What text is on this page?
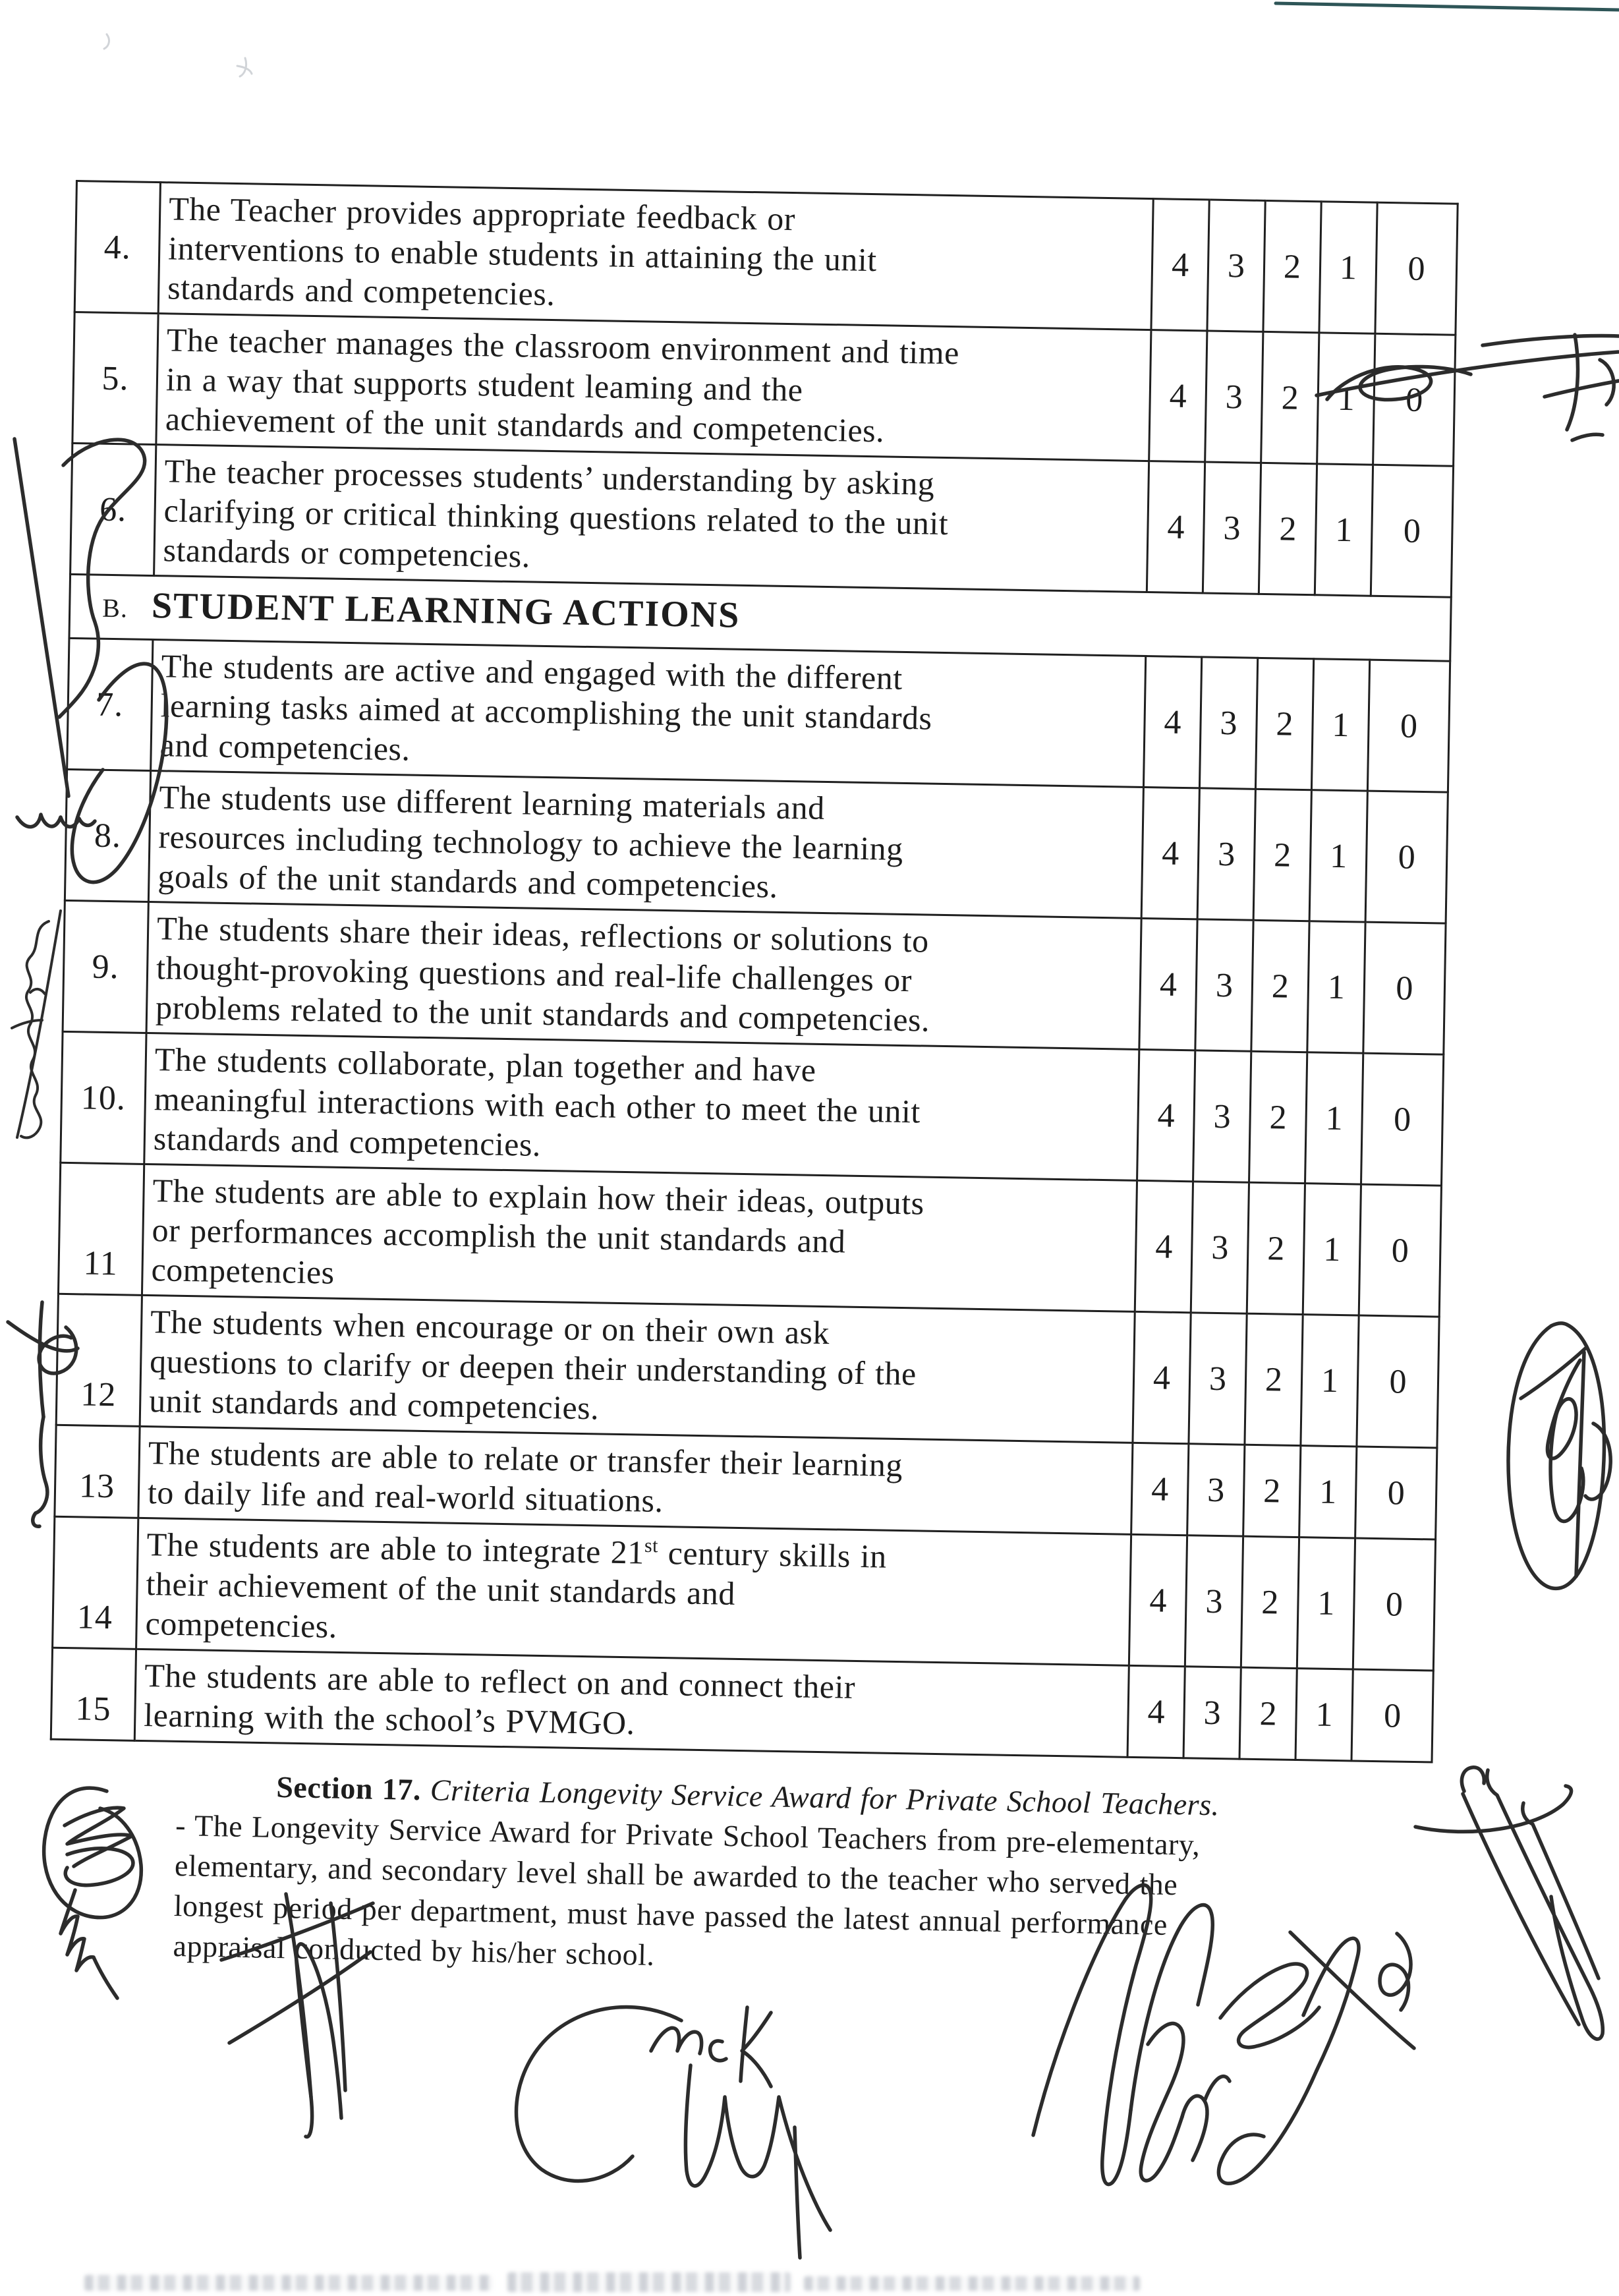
4.	The Teacher provides appropriate feedback or
interventions to enable students in attaining the unit
standards and competencies.	4	3	2	1	0
5.	The teacher manages the classroom environment and time
in a way that supports student leaming and the
achievement of the unit standards and competencies.	4	3	2	1	0
6.	The teacher processes students’ understanding by asking
clarifying or critical thinking questions related to the unit
standards or competencies.	4	3	2	1	0
B. STUDENT LEARNING ACTIONS						
7.	The students are active and engaged with the different
learning tasks aimed at accomplishing the unit standards
and competencies.	4	3	2	1	0
8.	The students use different learning materials and
resources including technology to achieve the learning
goals of the unit standards and competencies.	4	3	2	1	0
9.	The students share their ideas, reflections or solutions to
thought-provoking questions and real-life challenges or
problems related to the unit standards and competencies.	4	3	2	1	0
10.	The students collaborate, plan together and have
meaningful interactions with each other to meet the unit
standards and competencies.	4	3	2	1	0
11	The students are able to explain how their ideas, outputs
or performances accomplish the unit standards and
competencies	4	3	2	1	0
12	The students when encourage or on their own ask
questions to clarify or deepen their understanding of the
unit standards and competencies.	4	3	2	1	0
13	The students are able to relate or transfer their learning
to daily life and real-world situations.	4	3	2	1	0
14	The students are able to integrate 21st century skills in
their achievement of the unit standards and
competencies.	4	3	2	1	0
15	The students are able to reflect on and connect their
learning with the school’s PVMGO.	4	3	2	1	0
Section 17. Criteria Longevity Service Award for Private School Teachers.
- The Longevity Service Award for Private School Teachers from pre-elementary,
elementary, and secondary level shall be awarded to the teacher who served the
longest period per department, must have passed the latest annual performance
appraisal conducted by his/her school.
